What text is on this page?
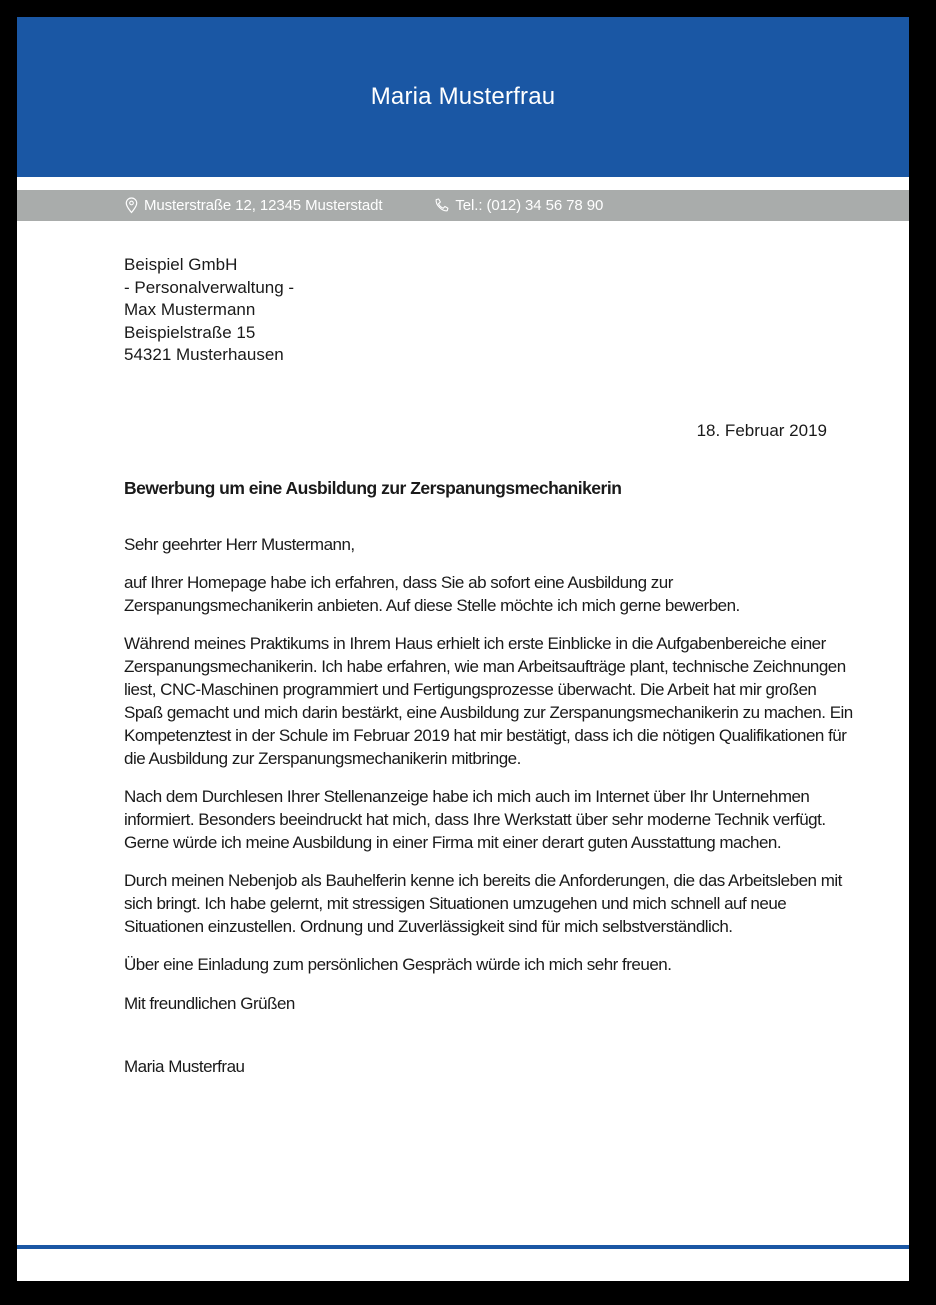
Maria Musterfrau
Musterstraße 12, 12345 Musterstadt	Tel.: (012) 34 56 78 90
Beispiel GmbH
- Personalverwaltung -
Max Mustermann
Beispielstraße 15
54321 Musterhausen
18. Februar 2019
Bewerbung um eine Ausbildung zur Zerspanungsmechanikerin
Sehr geehrter Herr Mustermann,

auf Ihrer Homepage habe ich erfahren, dass Sie ab sofort eine Ausbildung zur Zerspanungsmechanikerin anbieten. Auf diese Stelle möchte ich mich gerne bewerben.

Während meines Praktikums in Ihrem Haus erhielt ich erste Einblicke in die Aufgabenbereiche einer Zerspanungsmechanikerin. Ich habe erfahren, wie man Arbeitsaufträge plant, technische Zeichnungen liest, CNC-Maschinen programmiert und Fertigungsprozesse überwacht. Die Arbeit hat mir großen Spaß gemacht und mich darin bestärkt, eine Ausbildung zur Zerspanungsmechanikerin zu machen. Ein Kompetenztest in der Schule im Februar 2019 hat mir bestätigt, dass ich die nötigen Qualifikationen für die Ausbildung zur Zerspanungsmechanikerin mitbringe.

Nach dem Durchlesen Ihrer Stellenanzeige habe ich mich auch im Internet über Ihr Unternehmen informiert. Besonders beeindruckt hat mich, dass Ihre Werkstatt über sehr moderne Technik verfügt. Gerne würde ich meine Ausbildung in einer Firma mit einer derart guten Ausstattung machen.

Durch meinen Nebenjob als Bauhelferin kenne ich bereits die Anforderungen, die das Arbeitsleben mit sich bringt. Ich habe gelernt, mit stressigen Situationen umzugehen und mich schnell auf neue Situationen einzustellen. Ordnung und Zuverlässigkeit sind für mich selbstverständlich.

Über eine Einladung zum persönlichen Gespräch würde ich mich sehr freuen.

Mit freundlichen Grüßen
Maria Musterfrau
